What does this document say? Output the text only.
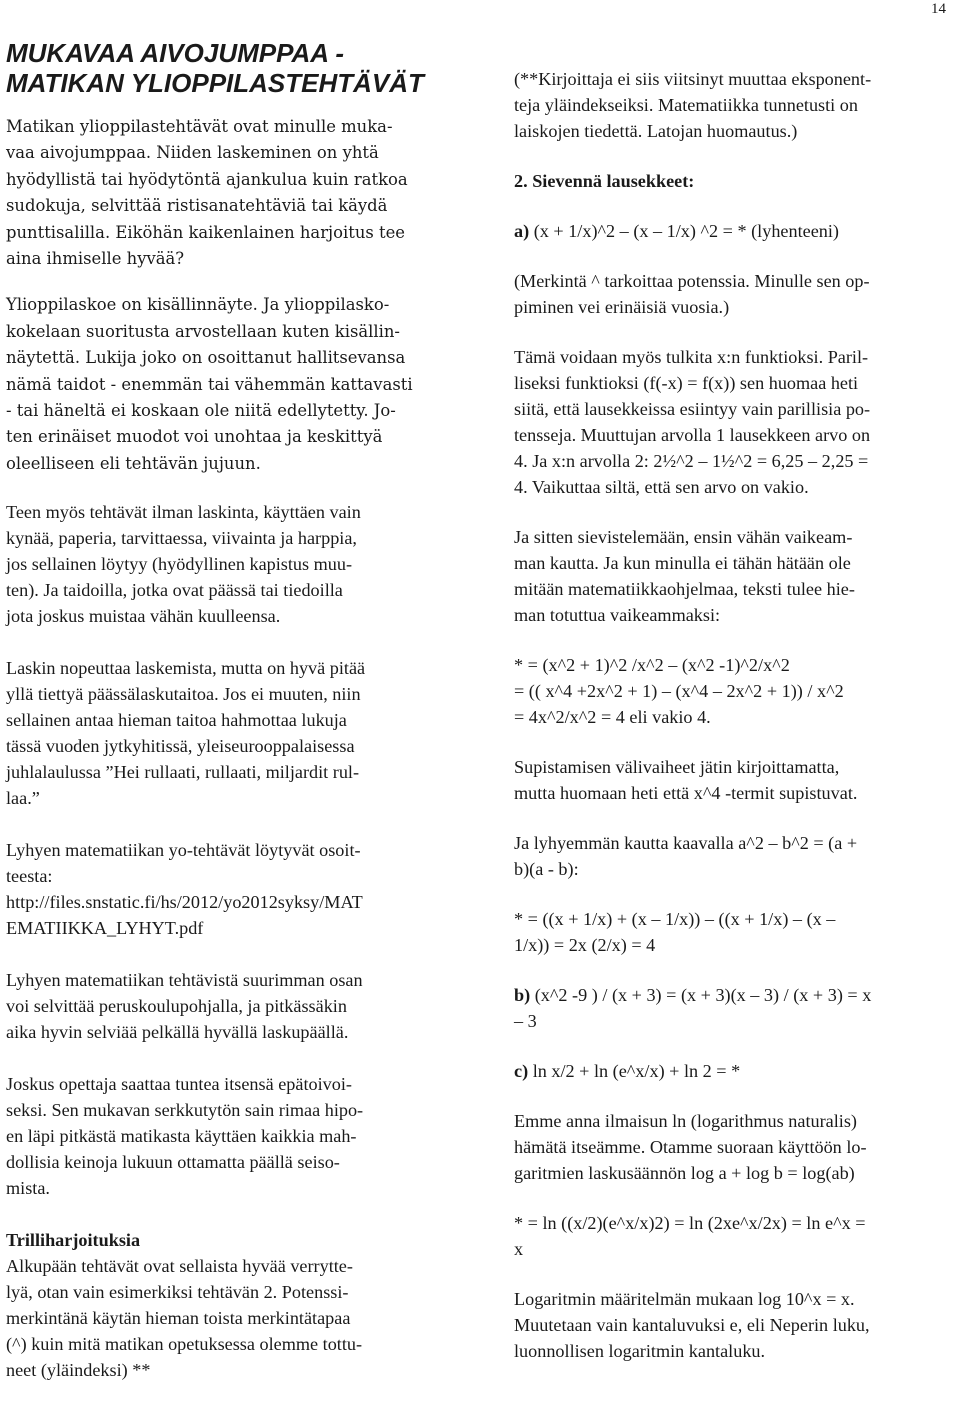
14
MUKAVAA AIVOJUMPPAA -
MATIKAN YLIOPPILASTEHTÄVÄT

Matikan ylioppilastehtävät ovat minulle muka-
vaa aivojumppaa. Niiden laskeminen on yhtä
hyödyllistä tai hyödytöntä ajankulua kuin ratkoa
sudokuja, selvittää ristisanatehtäviä tai käydä
punttisalilla. Eiköhän kaikenlainen harjoitus tee
aina ihmiselle hyvää?

Ylioppilaskoe on kisällinnäyte. Ja ylioppilasko-
kokelaan suoritusta arvostellaan kuten kisällin-
näytettä. Lukija joko on osoittanut hallitsevansa
nämä taidot - enemmän tai vähemmän kattavasti
- tai häneltä ei koskaan ole niitä edellytetty. Jo-
ten erinäiset muodot voi unohtaa ja keskittyä
oleelliseen eli tehtävän jujuun.

Teen myös tehtävät ilman laskinta, käyttäen vain
kynää, paperia, tarvittaessa, viivainta ja harppia,
jos sellainen löytyy (hyödyllinen kapistus muu-
ten). Ja taidoilla, jotka ovat päässä tai tiedoilla
jota joskus muistaa vähän kuulleensa.

Laskin nopeuttaa laskemista, mutta on hyvä pitää
yllä tiettyä päässälaskutaitoa. Jos ei muuten, niin
sellainen antaa hieman taitoa hahmottaa lukuja
tässä vuoden jytkyhitissä, yleiseurooppalaisessa
juhlalaulussa ”Hei rullaati, rullaati, miljardit rul-
laa.”

Lyhyen matematiikan yo-tehtävät löytyvät osoit-
teesta:
http://files.snstatic.fi/hs/2012/yo2012syksy/MAT
EMATIIKKA_LYHYT.pdf

Lyhyen matematiikan tehtävistä suurimman osan
voi selvittää peruskoulupohjalla, ja pitkässäkin
aika hyvin selviää pelkällä hyvällä laskupäällä.

Joskus opettaja saattaa tuntea itsensä epätoivoi-
seksi. Sen mukavan serkkutytön sain rimaa hipo-
en läpi pitkästä matikasta käyttäen kaikkia mah-
dollisia keinoja lukuun ottamatta päällä seiso-
mista.

Trilliharjoituksia

Alkupään tehtävät ovat sellaista hyvää verryttе-
lyä, otan vain esimerkiksi tehtävän 2. Potenssi-
merkintänä käytän hieman toista merkintätapaa
(^) kuin mitä matikan opetuksessa olemme tottu-
neet (yläindeksi) **

(**Kirjoittaja ei siis viitsinyt muuttaa eksponent-
teja yläindekseiksi. Matematiikka tunnetusti on
laiskojen tiedettä. Latojan huomautus.)

2. Sievennä lausekkeet:

a) (x + 1/x)^2 – (x – 1/x) ^2 = * (lyhenteeni)

(Merkintä ^ tarkoittaa potenssia. Minulle sen op-
piminen vei erinäisiä vuosia.)

Tämä voidaan myös tulkita x:n funktioksi. Paril-
liseksi funktioksi (f(-x) = f(x)) sen huomaa heti
siitä, että lausekkeissa esiintyy vain parillisia po-
tensseja. Muuttujan arvolla 1 lausekkeen arvo on
4. Ja x:n arvolla 2: 2½^2 – 1½^2 = 6,25 – 2,25 =
4. Vaikuttaa siltä, että sen arvo on vakio.

Ja sitten sievistelemään, ensin vähän vaikeam-
man kautta. Ja kun minulla ei tähän hätään ole
mitään matematiikkaohjelmaa, teksti tulee hie-
man totuttua vaikeammaksi:

* = (x^2 + 1)^2 /x^2 – (x^2 -1)^2/x^2
= (( x^4 +2x^2 + 1) – (x^4 – 2x^2 + 1)) / x^2
= 4x^2/x^2 = 4 eli vakio 4.

Supistamisen välivaiheet jätin kirjoittamatta,
mutta huomaan heti että x^4 -termit supistuvat.

Ja lyhyemmän kautta kaavalla a^2 – b^2 = (a +
b)(a - b):

* = ((x + 1/x) + (x – 1/x)) – ((x + 1/x) – (x –
1/x)) = 2x (2/x) = 4

b) (x^2 -9 ) / (x + 3) = (x + 3)(x – 3) / (x + 3) = x
– 3

c) ln x/2 + ln (e^x/x) + ln 2 = *

Emme anna ilmaisun ln (logarithmus naturalis)
hämätä itseämme. Otamme suoraan käyttöön lo-
garitmien laskusäännön log a + log b = log(ab)

* = ln ((x/2)(e^x/x)2) = ln (2xe^x/2x) = ln e^x =
x

Logaritmin määritelmän mukaan log 10^x = x.
Muutetaan vain kantaluvuksi e, eli Neperin luku,
luonnollisen logaritmin kantaluku.
